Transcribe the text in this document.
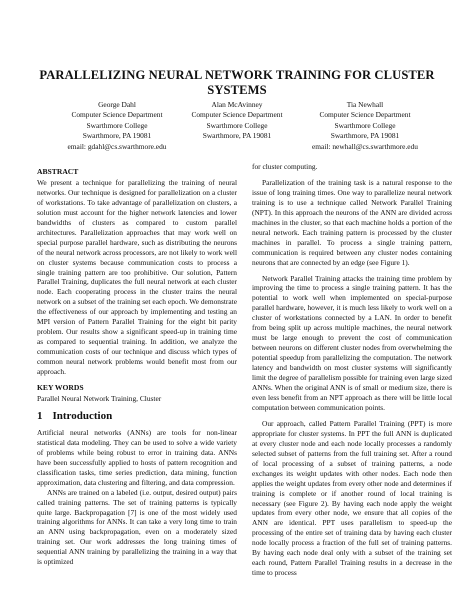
PARALLELIZING NEURAL NETWORK TRAINING FOR CLUSTER SYSTEMS
George Dahl
Computer Science Department
Swarthmore College
Swarthmore, PA 19081
email: gdahl@cs.swarthmore.edu
Alan McAvinney
Computer Science Department
Swarthmore College
Swarthmore, PA 19081
Tia Newhall
Computer Science Department
Swarthmore College
Swarthmore, PA 19081
email: newhall@cs.swarthmore.edu
ABSTRACT

We present a technique for parallelizing the training of neural networks. Our technique is designed for parallelization on a cluster of workstations. To take advantage of parallelization on clusters, a solution must account for the higher network latencies and lower bandwidths of clusters as compared to custom parallel architectures. Parallelization approaches that may work well on special purpose parallel hardware, such as distributing the neurons of the neural network across processors, are not likely to work well on cluster systems because communication costs to process a single training pattern are too prohibitive. Our solution, Pattern Parallel Training, duplicates the full neural network at each cluster node. Each cooperating process in the cluster trains the neural network on a subset of the training set each epoch. We demonstrate the effectiveness of our approach by implementing and testing an MPI version of Pattern Parallel Training for the eight bit parity problem. Our results show a significant speed-up in training time as compared to sequential training. In addition, we analyze the communication costs of our technique and discuss which types of common neural network problems would benefit most from our approach.

KEY WORDS

Parallel Neural Network Training, Cluster

1 Introduction

Artificial neural networks (ANNs) are tools for non-linear statistical data modeling. They can be used to solve a wide variety of problems while being robust to error in training data. ANNs have been successfully applied to hosts of pattern recognition and classification tasks, time series prediction, data mining, function approximation, data clustering and filtering, and data compression.

ANNs are trained on a labeled (i.e. output, desired output) pairs called training patterns. The set of training patterns is typically quite large. Backpropagation [7] is one of the most widely used training algorithms for ANNs. It can take a very long time to train an ANN using backpropagation, even on a moderately sized training set. Our work addresses the long training times of sequential ANN training by parallelizing the training in a way that is optimized

for cluster computing.

Parallelization of the training task is a natural response to the issue of long training times. One way to parallelize neural network training is to use a technique called Network Parallel Training (NPT). In this approach the neurons of the ANN are divided across machines in the cluster, so that each machine holds a portion of the neural network. Each training pattern is processed by the cluster machines in parallel. To process a single training pattern, communication is required between any cluster nodes containing neurons that are connected by an edge (see Figure 1).

Network Parallel Training attacks the training time problem by improving the time to process a single training pattern. It has the potential to work well when implemented on special-purpose parallel hardware, however, it is much less likely to work well on a cluster of workstations connected by a LAN. In order to benefit from being split up across multiple machines, the neural network must be large enough to prevent the cost of communication between neurons on different cluster nodes from overwhelming the potential speedup from parallelizing the computation. The network latency and bandwidth on most cluster systems will significantly limit the degree of parallelism possible for training even large sized ANNs. When the original ANN is of small or medium size, there is even less benefit from an NPT approach as there will be little local computation between communication points.

Our approach, called Pattern Parallel Training (PPT) is more appropriate for cluster systems. In PPT the full ANN is duplicated at every cluster node and each node locally processes a randomly selected subset of patterns from the full training set. After a round of local processing of a subset of training patterns, a node exchanges its weight updates with other nodes. Each node then applies the weight updates from every other node and determines if training is complete or if another round of local training is necessary (see Figure 2). By having each node apply the weight updates from every other node, we ensure that all copies of the ANN are identical. PPT uses parallelism to speed-up the processing of the entire set of training data by having each cluster node locally process a fraction of the full set of training patterns. By having each node deal only with a subset of the training set each round, Pattern Parallel Training results in a decrease in the time to process
